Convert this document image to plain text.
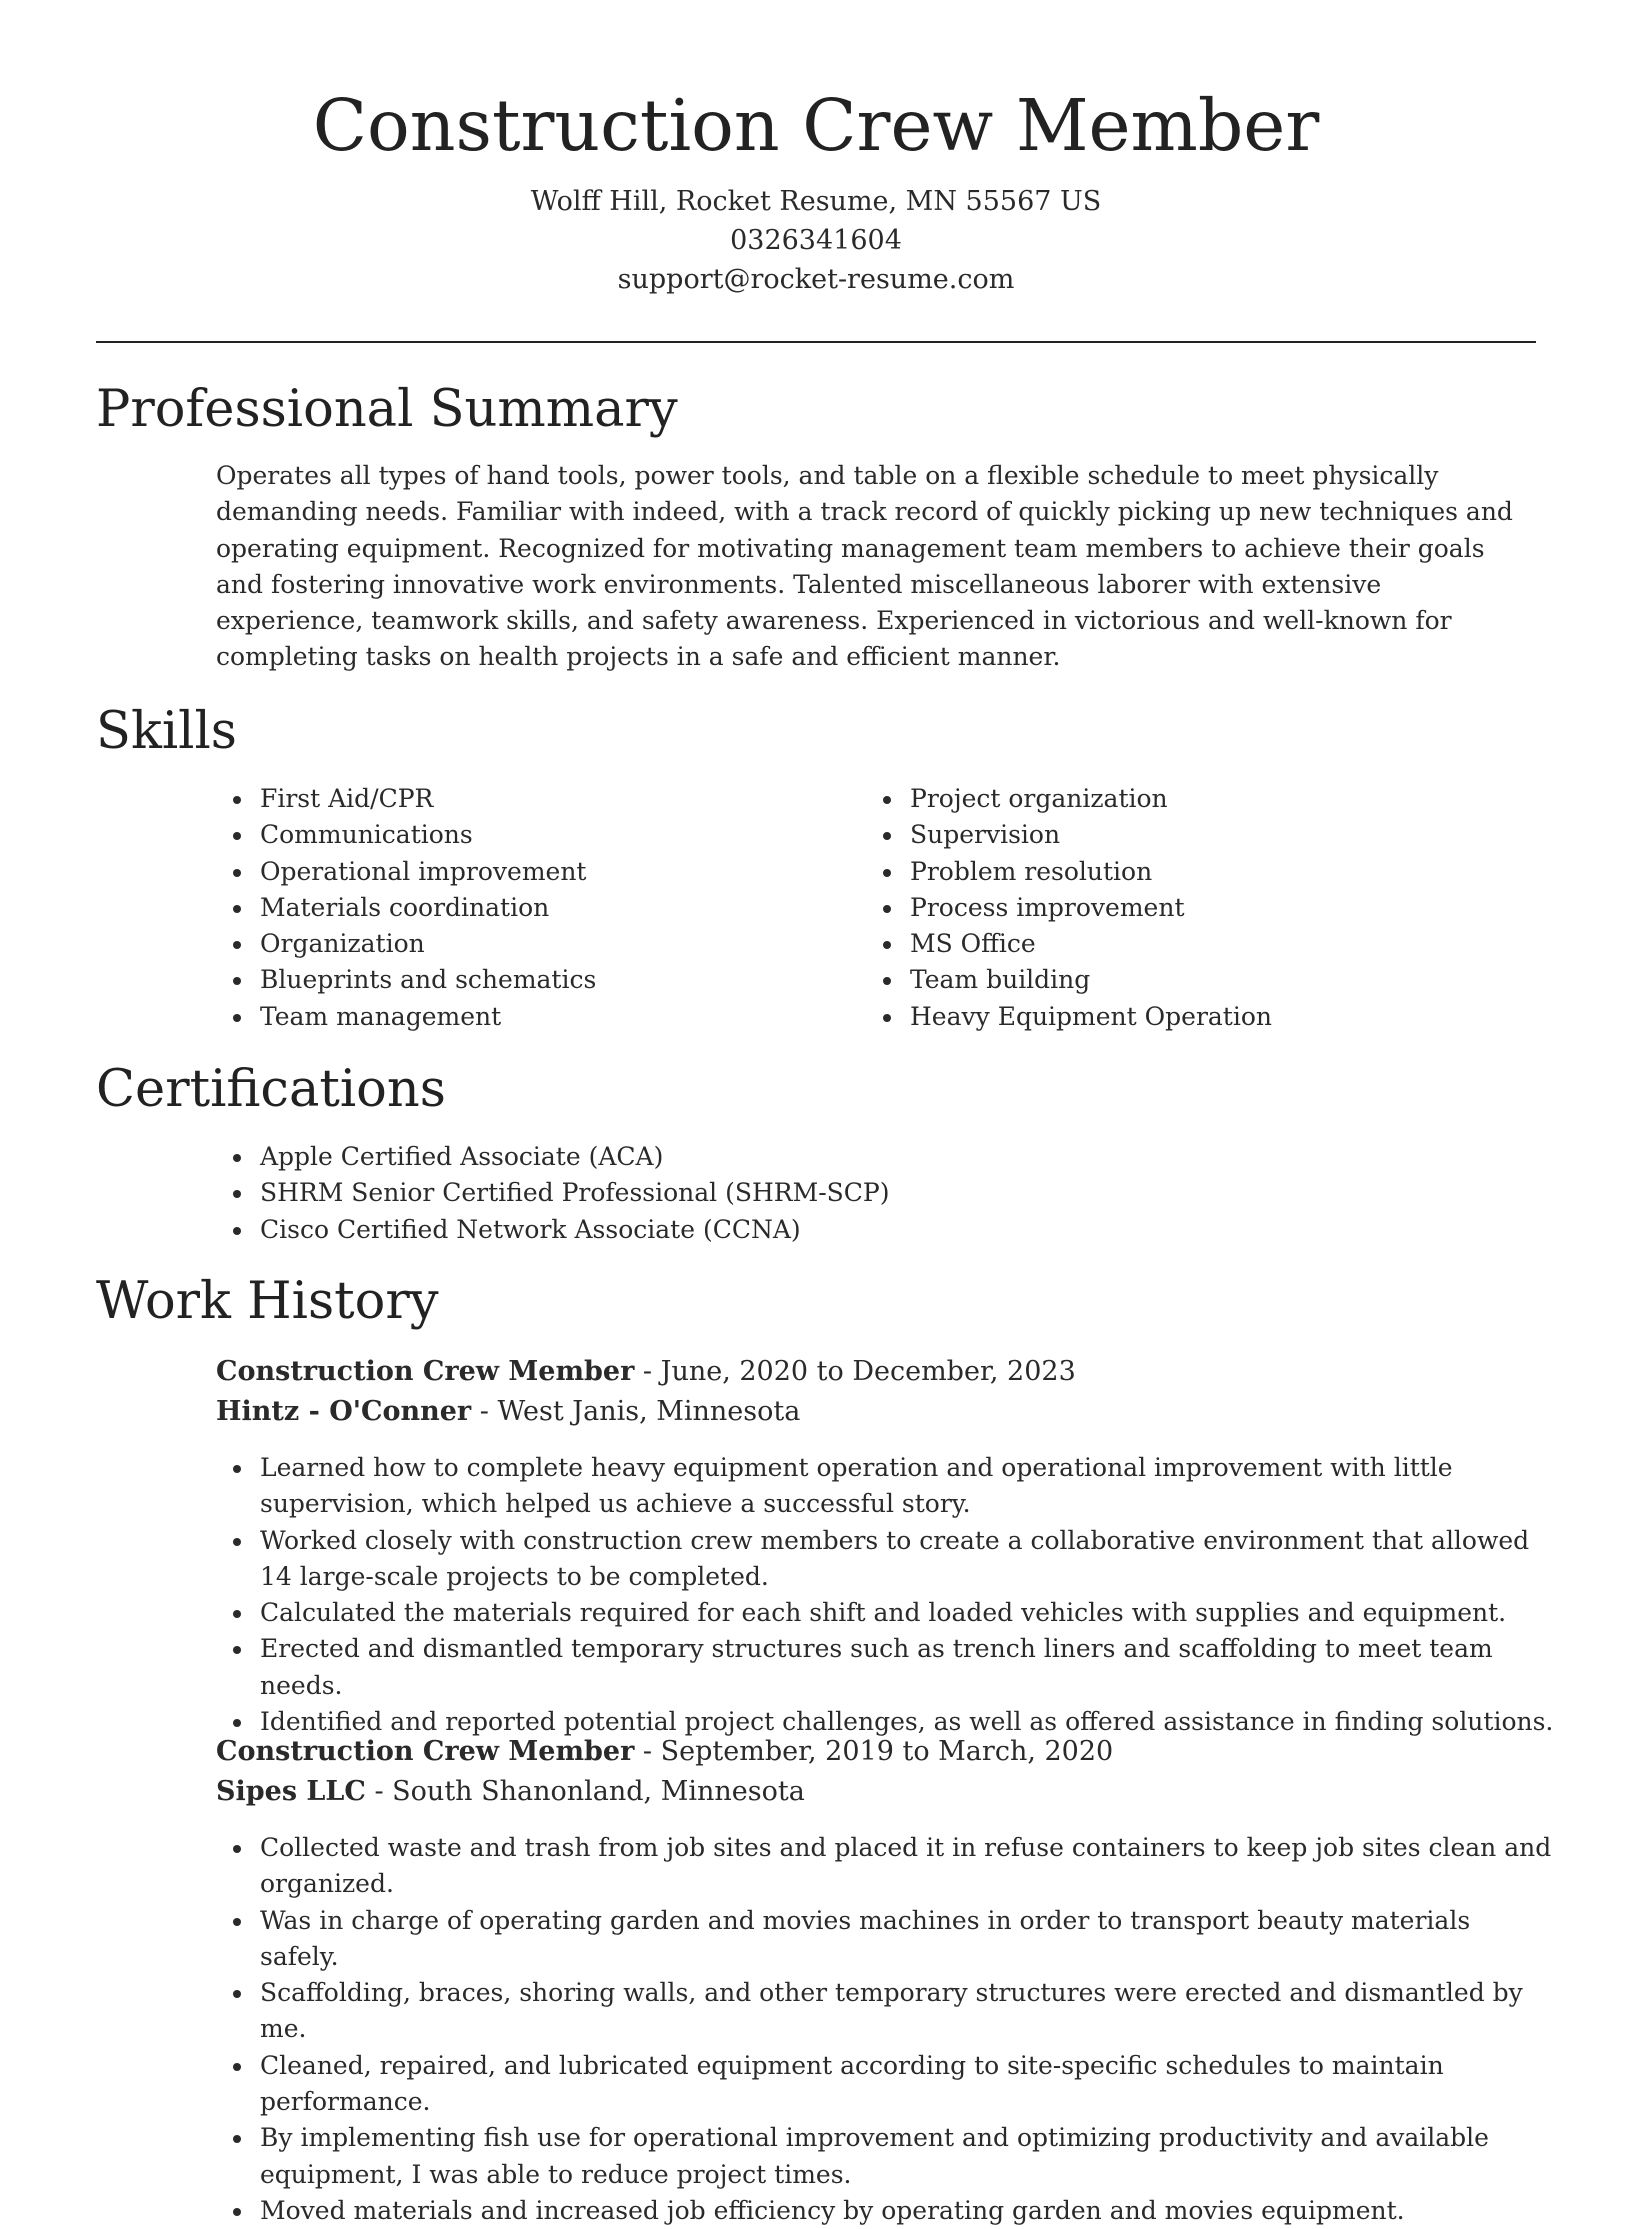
Construction Crew Member
Wolff Hill, Rocket Resume, MN 55567 US
0326341604
support@rocket-resume.com
Professional Summary

Operates all types of hand tools, power tools, and table on a flexible schedule to meet physically demanding needs. Familiar with indeed, with a track record of quickly picking up new techniques and operating equipment. Recognized for motivating management team members to achieve their goals and fostering innovative work environments. Talented miscellaneous laborer with extensive experience, teamwork skills, and safety awareness. Experienced in victorious and well-known for completing tasks on health projects in a safe and efficient manner.

Skills
First Aid/CPR
Communications
Operational improvement
Materials coordination
Organization
Blueprints and schematics
Team management
Project organization
Supervision
Problem resolution
Process improvement
MS Office
Team building
Heavy Equipment Operation
Certifications
Apple Certified Associate (ACA)
SHRM Senior Certified Professional (SHRM-SCP)
Cisco Certified Network Associate (CCNA)
Work History
Construction Crew Member - June, 2020 to December, 2023
Hintz - O'Conner - West Janis, Minnesota
Learned how to complete heavy equipment operation and operational improvement with little supervision, which helped us achieve a successful story.
Worked closely with construction crew members to create a collaborative environment that allowed 14 large-scale projects to be completed.
Calculated the materials required for each shift and loaded vehicles with supplies and equipment.
Erected and dismantled temporary structures such as trench liners and scaffolding to meet team needs.
Identified and reported potential project challenges, as well as offered assistance in finding solutions.
Construction Crew Member - September, 2019 to March, 2020
Sipes LLC - South Shanonland, Minnesota
Collected waste and trash from job sites and placed it in refuse containers to keep job sites clean and organized.
Was in charge of operating garden and movies machines in order to transport beauty materials safely.
Scaffolding, braces, shoring walls, and other temporary structures were erected and dismantled by me.
Cleaned, repaired, and lubricated equipment according to site-specific schedules to maintain performance.
By implementing fish use for operational improvement and optimizing productivity and available equipment, I was able to reduce project times.
Moved materials and increased job efficiency by operating garden and movies equipment.
